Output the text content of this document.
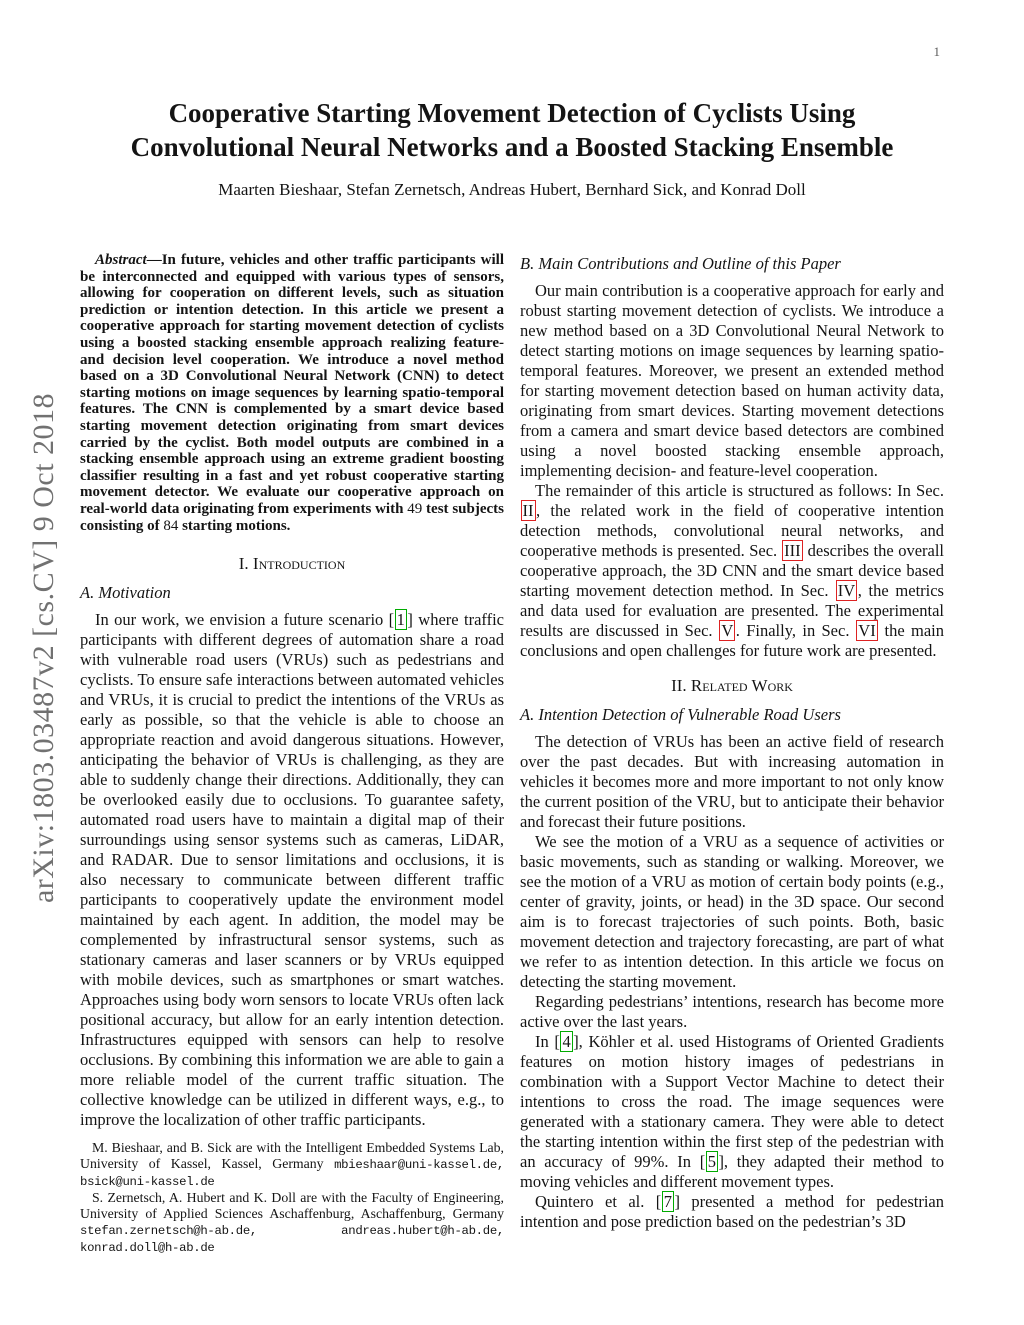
1
arXiv:1803.03487v2 [cs.CV] 9 Oct 2018
Cooperative Starting Movement Detection of Cyclists Using Convolutional Neural Networks and a Boosted Stacking Ensemble
Maarten Bieshaar, Stefan Zernetsch, Andreas Hubert, Bernhard Sick, and Konrad Doll

Abstract—In future, vehicles and other traffic participants will be interconnected and equipped with various types of sensors, allowing for cooperation on different levels, such as situation prediction or intention detection. In this article we present a cooperative approach for starting movement detection of cyclists using a boosted stacking ensemble approach realizing feature- and decision level cooperation. We introduce a novel method based on a 3D Convolutional Neural Network (CNN) to detect starting motions on image sequences by learning spatio-temporal features. The CNN is complemented by a smart device based starting movement detection originating from smart devices carried by the cyclist. Both model outputs are combined in a stacking ensemble approach using an extreme gradient boosting classifier resulting in a fast and yet robust cooperative starting movement detector. We evaluate our cooperative approach on real-world data originating from experiments with 49 test subjects consisting of 84 starting motions.

I. Introduction
A. Motivation

In our work, we envision a future scenario [ 1 ] where traffic participants with different degrees of automation share a road with vulnerable road users (VRUs) such as pedestrians and cyclists. To ensure safe interactions between automated vehicles and VRUs, it is crucial to predict the intentions of the VRUs as early as possible, so that the vehicle is able to choose an appropriate reaction and avoid dangerous situations. However, anticipating the behavior of VRUs is challenging, as they are able to suddenly change their directions. Additionally, they can be overlooked easily due to occlusions. To guarantee safety, automated road users have to maintain a digital map of their surroundings using sensor systems such as cameras, LiDAR, and RADAR. Due to sensor limitations and occlusions, it is also necessary to communicate between different traffic participants to cooperatively update the environment model maintained by each agent. In addition, the model may be complemented by infrastructural sensor systems, such as stationary cameras and laser scanners or by VRUs equipped with mobile devices, such as smartphones or smart watches. Approaches using body worn sensors to locate VRUs often lack positional accuracy, but allow for an early intention detection. Infrastructures equipped with sensors can help to resolve occlusions. By combining this information we are able to gain a more reliable model of the current traffic situation. The collective knowledge can be utilized in different ways, e.g., to improve the localization of other traffic participants.

M. Bieshaar, and B. Sick are with the Intelligent Embedded Systems Lab, University of Kassel, Kassel, Germany mbieshaar@uni-kassel.de, bsick@uni-kassel.de

S. Zernetsch, A. Hubert and K. Doll are with the Faculty of Engineering, University of Applied Sciences Aschaffenburg, Aschaffenburg, Germany stefan.zernetsch@h-ab.de, andreas.hubert@h-ab.de, konrad.doll@h-ab.de

B. Main Contributions and Outline of this Paper

Our main contribution is a cooperative approach for early and robust starting movement detection of cyclists. We introduce a new method based on a 3D Convolutional Neural Network to detect starting motions on image sequences by learning spatio-temporal features. Moreover, we present an extended method for starting movement detection based on human activity data, originating from smart devices. Starting movement detections from a camera and smart device based detectors are combined using a novel boosted stacking ensemble approach, implementing decision- and feature-level cooperation.

The remainder of this article is structured as follows: In Sec. II , the related work in the field of cooperative intention detection methods, convolutional neural networks, and cooperative methods is presented. Sec. III describes the overall cooperative approach, the 3D CNN and the smart device based starting movement detection method. In Sec. IV , the metrics and data used for evaluation are presented. The experimental results are discussed in Sec. V . Finally, in Sec. VI the main conclusions and open challenges for future work are presented.

II. Related Work
A. Intention Detection of Vulnerable Road Users

The detection of VRUs has been an active field of research over the past decades. But with increasing automation in vehicles it becomes more and more important to not only know the current position of the VRU, but to anticipate their behavior and forecast their future positions.

We see the motion of a VRU as a sequence of activities or basic movements, such as standing or walking. Moreover, we see the motion of a VRU as motion of certain body points (e.g., center of gravity, joints, or head) in the 3D space. Our second aim is to forecast trajectories of such points. Both, basic movement detection and trajectory forecasting, are part of what we refer to as intention detection. In this article we focus on detecting the starting movement.

Regarding pedestrians’ intentions, research has become more active over the last years.

In [ 4 ], Köhler et al. used Histograms of Oriented Gradients features on motion history images of pedestrians in combination with a Support Vector Machine to detect their intentions to cross the road. The image sequences were generated with a stationary camera. They were able to detect the starting intention within the first step of the pedestrian with an accuracy of 99%. In [ 5 ], they adapted their method to moving vehicles and different movement types.

Quintero et al. [ 7 ] presented a method for pedestrian intention and pose prediction based on the pedestrian’s 3D
